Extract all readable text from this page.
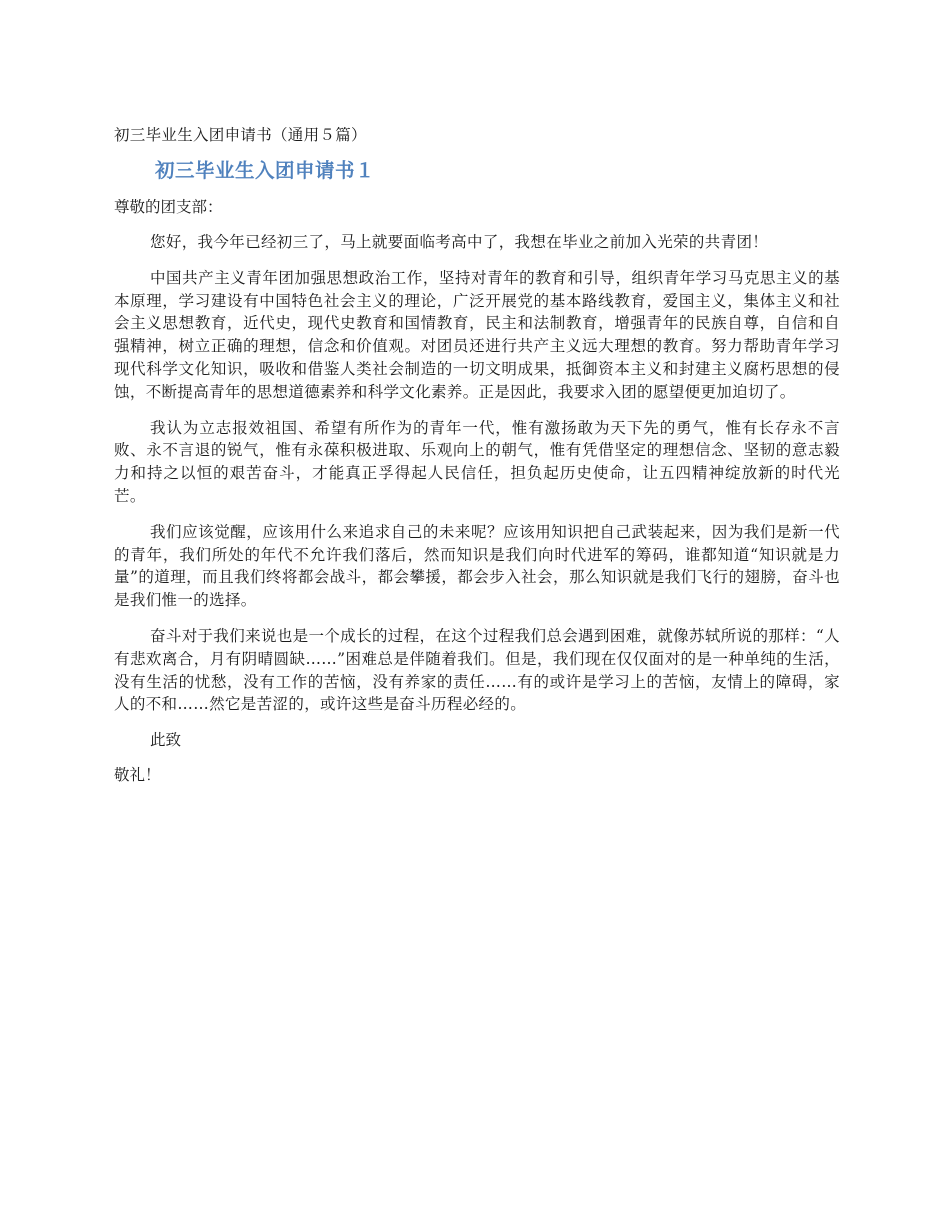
初三毕业生入团申请书（通用５篇）
初三毕业生入团申请书１
尊敬的团支部：

您好，我今年已经初三了，马上就要面临考高中了，我想在毕业之前加入光荣的共青团！

中国共产主义青年团加强思想政治工作，坚持对青年的教育和引导，组织青年学习马克思主义的基本原理，学习建设有中国特色社会主义的理论，广泛开展党的基本路线教育，爱国主义，集体主义和社会主义思想教育，近代史，现代史教育和国情教育，民主和法制教育，增强青年的民族自尊，自信和自强精神，树立正确的理想，信念和价值观。对团员还进行共产主义远大理想的教育。努力帮助青年学习现代科学文化知识，吸收和借鉴人类社会制造的一切文明成果，抵御资本主义和封建主义腐朽思想的侵蚀，不断提高青年的思想道德素养和科学文化素养。正是因此，我要求入团的愿望便更加迫切了。

我认为立志报效祖国、希望有所作为的青年一代，惟有激扬敢为天下先的勇气，惟有长存永不言败、永不言退的锐气，惟有永葆积极进取、乐观向上的朝气，惟有凭借坚定的理想信念、坚韧的意志毅力和持之以恒的艰苦奋斗，才能真正孚得起人民信任，担负起历史使命，让五四精神绽放新的时代光芒。

我们应该觉醒，应该用什么来追求自己的未来呢？应该用知识把自己武装起来，因为我们是新一代的青年，我们所处的年代不允许我们落后，然而知识是我们向时代进军的筹码，谁都知道“知识就是力量”的道理，而且我们终将都会战斗，都会攀援，都会步入社会，那么知识就是我们飞行的翅膀，奋斗也是我们惟一的选择。

奋斗对于我们来说也是一个成长的过程，在这个过程我们总会遇到困难，就像苏轼所说的那样：“人有悲欢离合，月有阴晴圆缺……”困难总是伴随着我们。但是，我们现在仅仅面对的是一种单纯的生活，没有生活的忧愁，没有工作的苦恼，没有养家的责任……有的或许是学习上的苦恼，友情上的障碍，家人的不和……然它是苦涩的，或许这些是奋斗历程必经的。

此致
敬礼！
